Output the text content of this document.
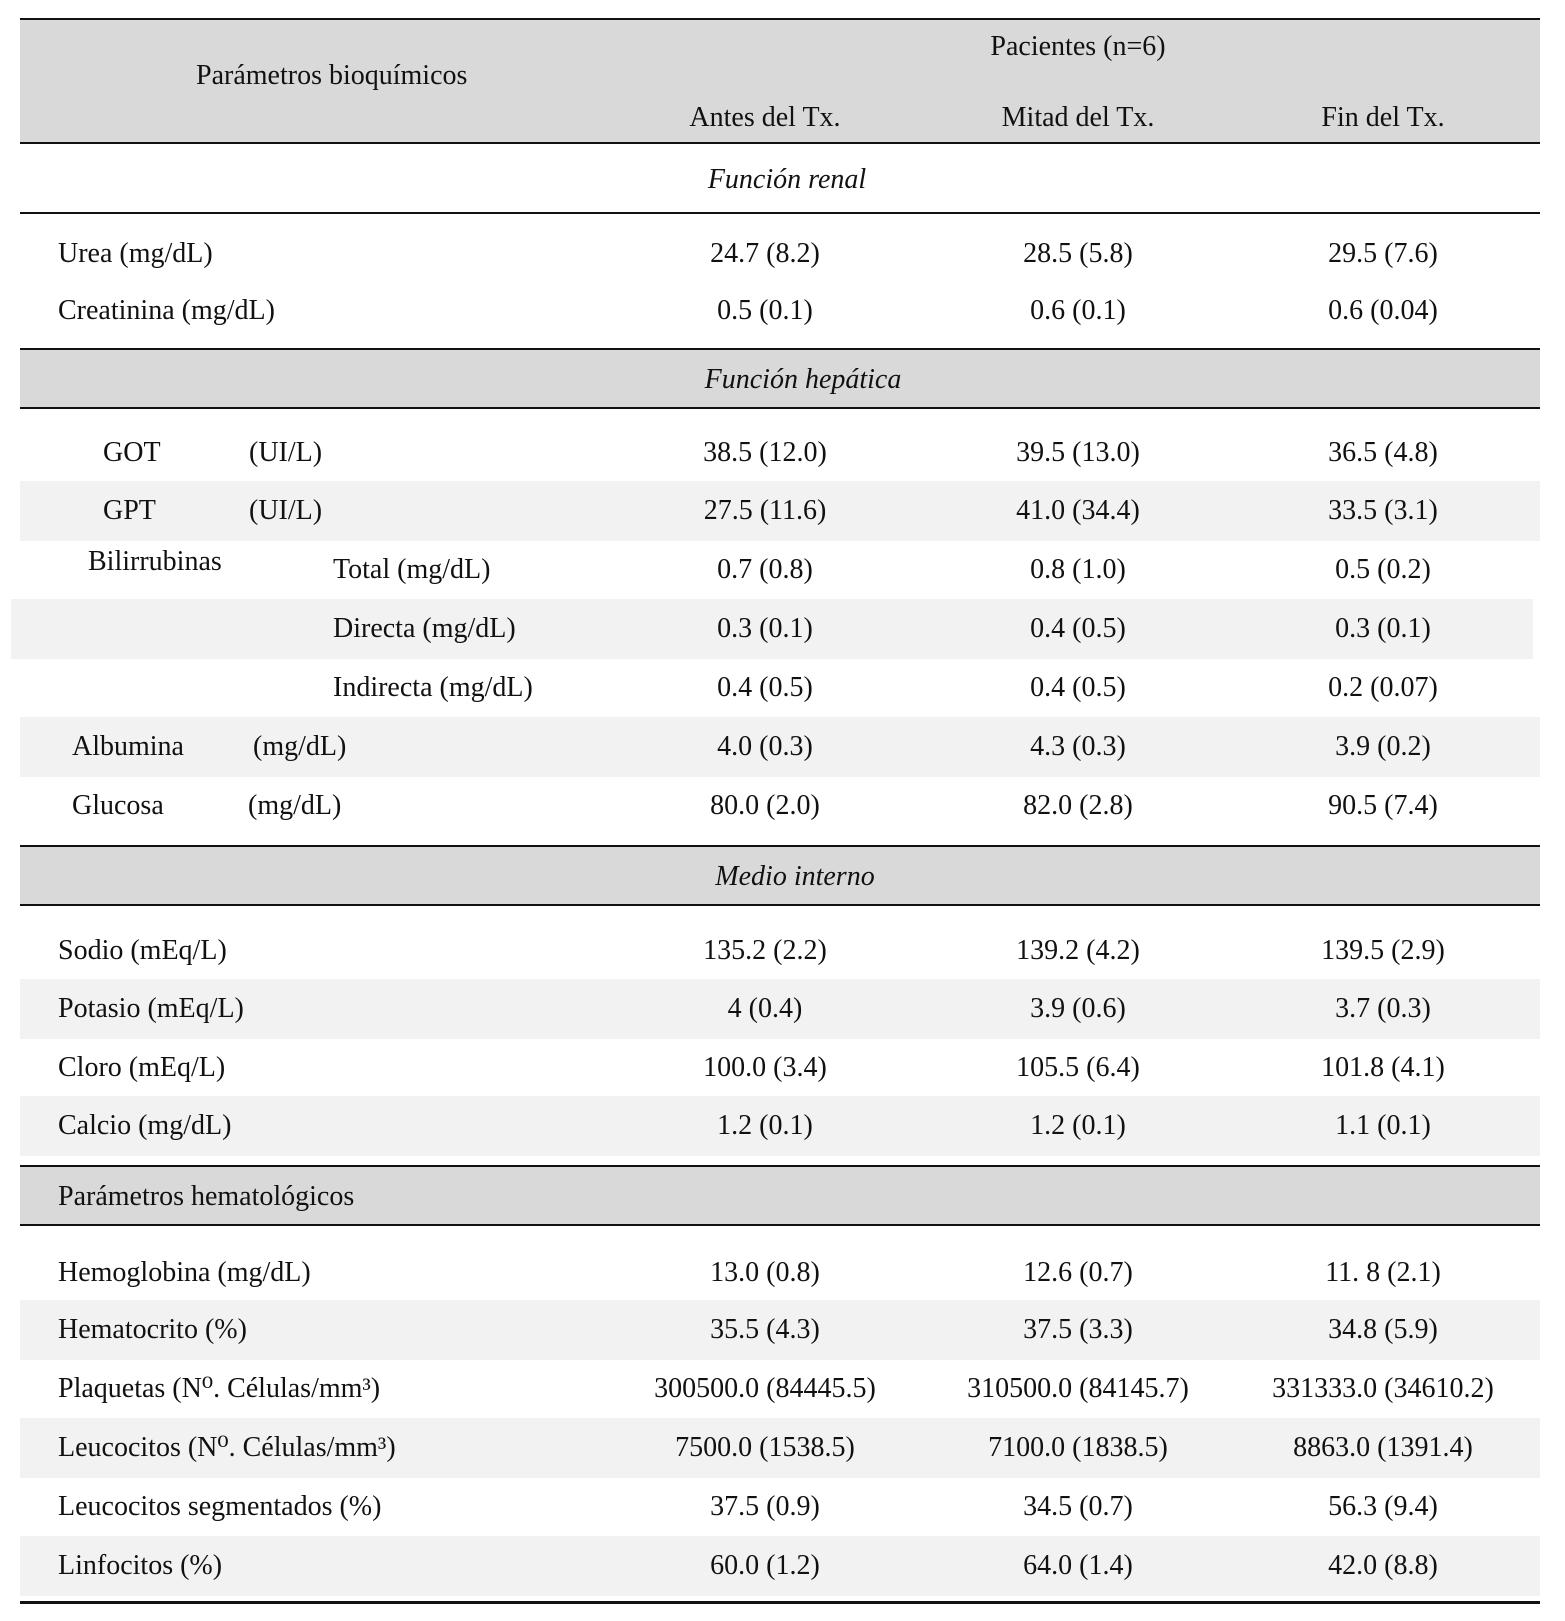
Parámetros bioquímicos
Pacientes (n=6)
Antes del Tx.	Mitad del Tx.	Fin del Tx.
Función renal
Urea (mg/dL)	24.7 (8.2)	28.5 (5.8)	29.5 (7.6)
Creatinina (mg/dL)	0.5 (0.1)	0.6 (0.1)	0.6 (0.04)
Función hepática
GOT	(UI/L)	38.5 (12.0)	39.5 (13.0)	36.5 (4.8)
GPT	(UI/L)	27.5 (11.6)	41.0 (34.4)	33.5 (3.1)
Bilirrubinas	Total (mg/dL)	0.7 (0.8)	0.8 (1.0)	0.5 (0.2)
Directa (mg/dL)	0.3 (0.1)	0.4 (0.5)	0.3 (0.1)
Indirecta (mg/dL)	0.4 (0.5)	0.4 (0.5)	0.2 (0.07)
Albumina (mg/dL)	4.0 (0.3)	4.3 (0.3)	3.9 (0.2)
Glucosa	(mg/dL)	80.0 (2.0)	82.0 (2.8)	90.5 (7.4)
Medio interno
Sodio (mEq/L)	135.2 (2.2)	139.2 (4.2)	139.5 (2.9)
Potasio (mEq/L)	4 (0.4)	3.9 (0.6)	3.7 (0.3)
Cloro (mEq/L)	100.0 (3.4)	105.5 (6.4)	101.8 (4.1)
Calcio (mg/dL)	1.2 (0.1)	1.2 (0.1)	1.1 (0.1)
Parámetros hematológicos
Hemoglobina (mg/dL)	13.0 (0.8)	12.6 (0.7)	11. 8 (2.1)
Hematocrito (%)	35.5 (4.3)	37.5 (3.3)	34.8 (5.9)
Plaquetas (N⁰. Células/mm³)	300500.0 (84445.5)	310500.0 (84145.7)	331333.0 (34610.2)
Leucocitos (N⁰. Células/mm³)	7500.0 (1538.5)	7100.0 (1838.5)	8863.0 (1391.4)
Leucocitos segmentados (%)	37.5 (0.9)	34.5 (0.7)	56.3 (9.4)
Linfocitos (%)	60.0 (1.2)	64.0 (1.4)	42.0 (8.8)
